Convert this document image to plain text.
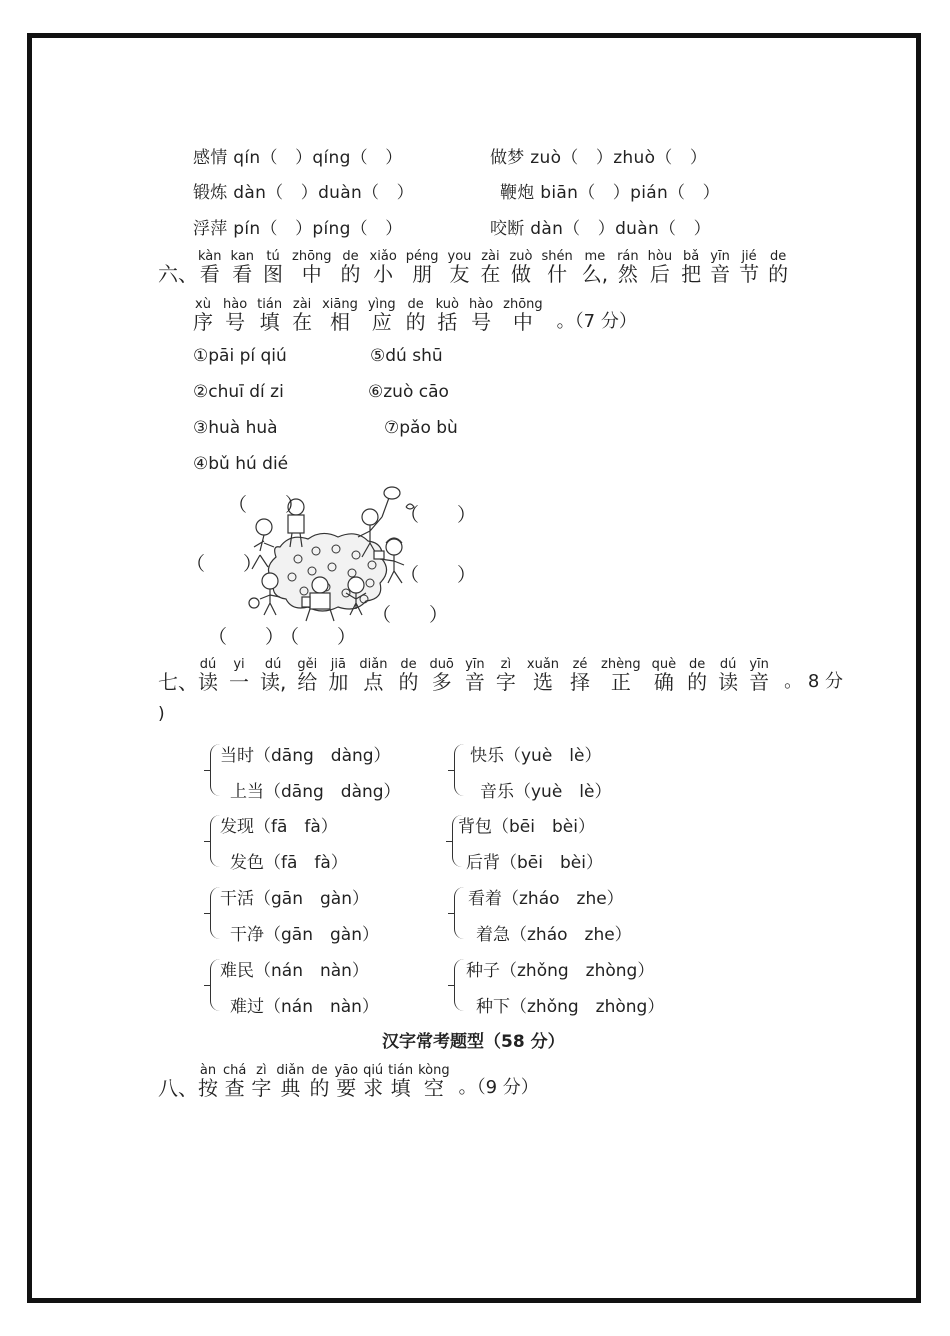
感情 qín（　）qíng（　）	做梦 zuò（　）zhuò（　）
锻炼 dàn（　）duàn（　）	鞭炮 biān（　）pián（　）
浮萍 pín（　）píng（　）	咬断 dàn（　）duàn（　）
六、
kàn
看
kan
看
tú
图
zhōng
中
de
的
xiǎo
小
péng
朋
you
友
zài
在
zuò
做
shén
什
me
么,
rán
然
hòu
后
bǎ
把
yīn
音
jié
节
de
的
xù
序
hào
号
tián
填
zài
在
xiāng
相
yìng
应
de
的
kuò
括
hào
号
zhōng
中 。（7 分）
①pāi pí qiú	⑤dú shū
②chuī dí zi	⑥zuò cāo
③huà huà	⑦pǎo bù
④bǔ hú dié
（　　）	（　　）
（　　）	（　　）
（　　）
（　　）
（　　）
七、
dú
读
yi
一
dú
读,
gěi
给
jiā
加
diǎn
点
de
的
duō
多
yīn
音
zì
字
xuǎn
选
zé
择
zhèng
正
què
确
de
的
dú
读
yīn
音 。 8 分
)
当时（dāng　dàng）
上当（dāng　dàng）
快乐（yuè　lè）
音乐（yuè　lè）
发现（fā　fà）
发色（fā　fà）
背包（bēi　bèi）
后背（bēi　bèi）
干活（gān　gàn）
干净（gān　gàn）
看着（zháo　zhe）
着急（zháo　zhe）
难民（nán　nàn）
难过（nán　nàn）
种子（zhǒng　zhòng）
种下（zhǒng　zhòng）
汉字常考题型（58 分）
八、
àn
按
chá
查
zì
字
diǎn
典
de
的
yāo
要
qiú
求
tián
填
kòng
空 。（9 分）
